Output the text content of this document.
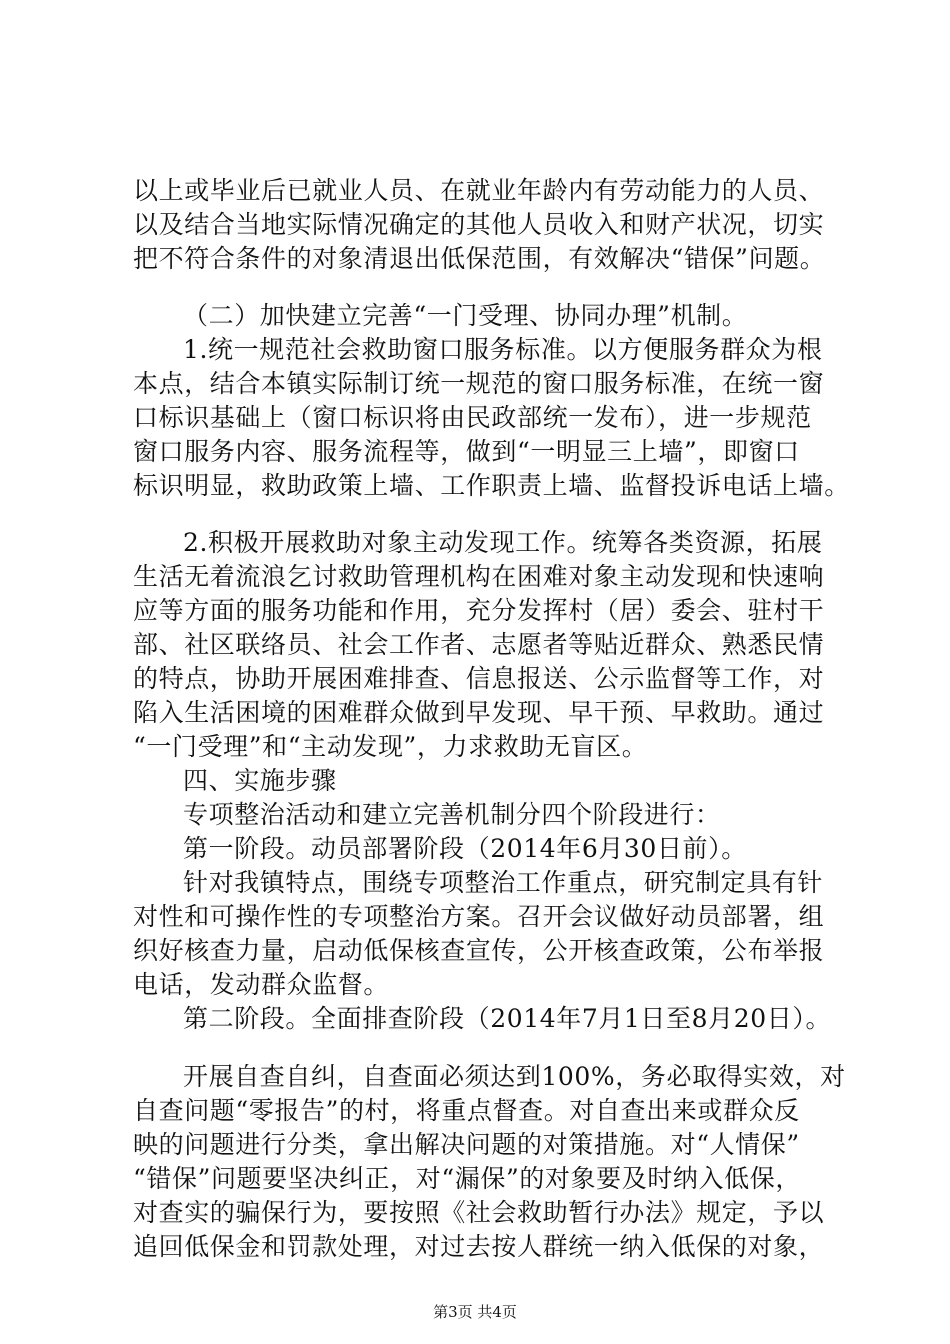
以上或毕业后已就业人员、在就业年龄内有劳动能力的人员、
以及结合当地实际情况确定的其他人员收入和财产状况，切实
把不符合条件的对象清退出低保范围，有效解决“错保”问题。
（二）加快建立完善“一门受理、协同办理”机制。
1.统一规范社会救助窗口服务标准。以方便服务群众为根
本点，结合本镇实际制订统一规范的窗口服务标准，在统一窗
口标识基础上（窗口标识将由民政部统一发布），进一步规范
窗口服务内容、服务流程等，做到“一明显三上墙”，即窗口
标识明显，救助政策上墙、工作职责上墙、监督投诉电话上墙。
2.积极开展救助对象主动发现工作。统筹各类资源，拓展
生活无着流浪乞讨救助管理机构在困难对象主动发现和快速响
应等方面的服务功能和作用，充分发挥村（居）委会、驻村干
部、社区联络员、社会工作者、志愿者等贴近群众、熟悉民情
的特点，协助开展困难排查、信息报送、公示监督等工作，对
陷入生活困境的困难群众做到早发现、早干预、早救助。通过
“一门受理”和“主动发现”，力求救助无盲区。
四、实施步骤
专项整治活动和建立完善机制分四个阶段进行：
第一阶段。动员部署阶段（2014年6月30日前）。
针对我镇特点，围绕专项整治工作重点，研究制定具有针
对性和可操作性的专项整治方案。召开会议做好动员部署，组
织好核查力量，启动低保核查宣传，公开核查政策，公布举报
电话，发动群众监督。
第二阶段。全面排查阶段（2014年7月1日至8月20日）。
开展自查自纠，自查面必须达到100%，务必取得实效，对
自查问题“零报告”的村，将重点督查。对自查出来或群众反
映的问题进行分类，拿出解决问题的对策措施。对“人情保”
“错保”问题要坚决纠正，对“漏保”的对象要及时纳入低保，
对查实的骗保行为，要按照《社会救助暂行办法》规定，予以
追回低保金和罚款处理，对过去按人群统一纳入低保的对象，
第3页 共4页
